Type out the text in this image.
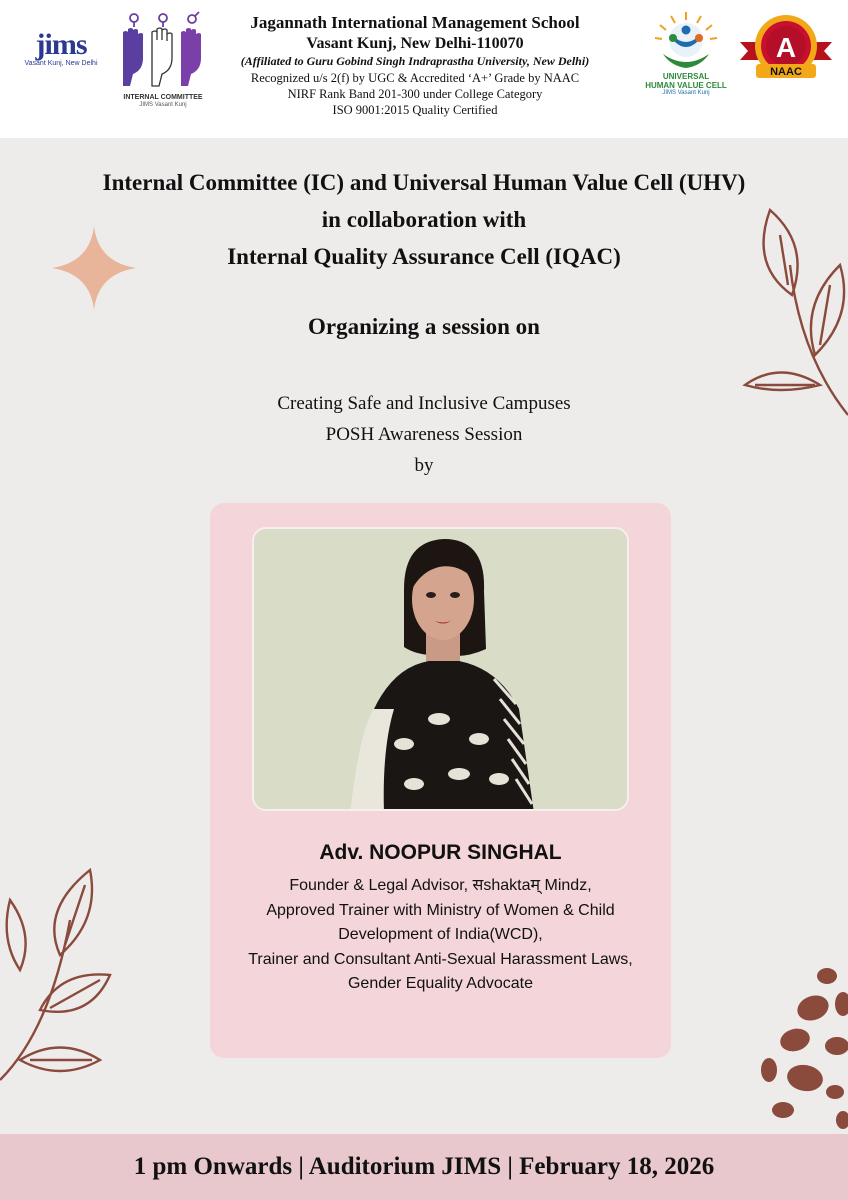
jims
Vasant Kunj, New Delhi
INTERNAL COMMITTEE
JIMS Vasant Kunj
Jagannath International Management School
Vasant Kunj, New Delhi-110070
(Affiliated to Guru Gobind Singh Indraprastha University, New Delhi)
Recognized u/s 2(f) by UGC & Accredited ‘A+’ Grade by NAAC
NIRF Rank Band 201-300 under College Category
ISO 9001:2015 Quality Certified
UNIVERSAL
HUMAN VALUE CELL
JIMS Vasant Kunj
A
NAAC
Internal Committee (IC) and Universal Human Value Cell (UHV)
in collaboration with
Internal Quality Assurance Cell (IQAC)
Organizing a session on
Creating Safe and Inclusive Campuses
POSH Awareness Session
by
Adv. NOOPUR SINGHAL
Founder & Legal Advisor, सshaktaम् Mindz,
Approved Trainer with Ministry of Women & Child
Development of India(WCD),
Trainer and Consultant Anti-Sexual Harassment Laws,
Gender Equality Advocate
1 pm Onwards | Auditorium JIMS | February 18, 2026
